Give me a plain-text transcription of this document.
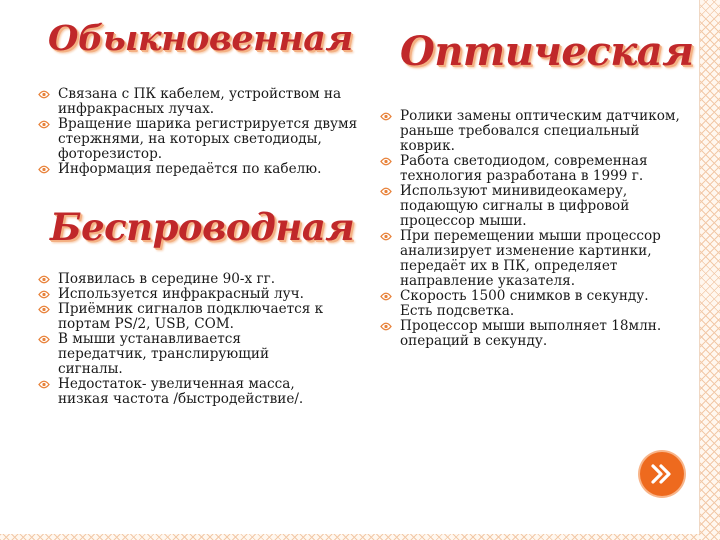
Обыкновенная Оптическая
Связана с ПК кабелем, устройством на инфракрасных лучах.
Вращение шарика регистрируется двумя стержнями, на которых светодиоды, фоторезистор.
Информация передаётся по кабелю.
Беспроводная
Появилась в середине 90-х гг.
Используется инфракрасный луч.
Приёмник сигналов подключается к портам PS/2, USB, COM.
В мыши устанавливается передатчик, транслирующий сигналы.
Недостаток- увеличенная масса, низкая частота /быстродействие/.
Ролики замены оптическим датчиком, раньше требовался специальный коврик.
Работа светодиодом, современная технология разработана в 1999 г.
Используют минивидеокамеру, подающую сигналы в цифровой процессор мыши.
При перемещении мыши процессор анализирует изменение картинки, передаёт их в ПК, определяет направление указателя.
Скорость 1500 снимков в секунду. Есть подсветка.
Процессор мыши выполняет 18млн. операций в секунду.
